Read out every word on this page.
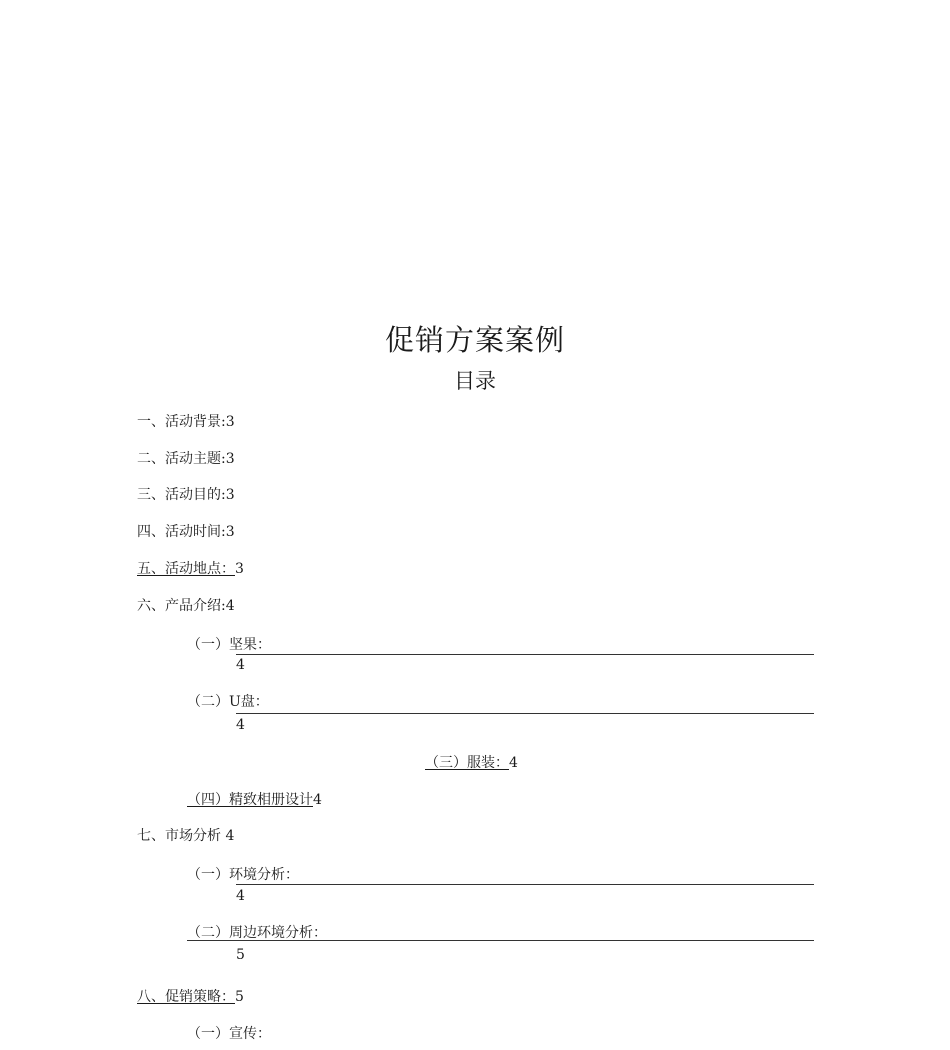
促销方案案例
目录
一、活动背景:3
二、活动主题:3
三、活动目的:3
四、活动时间:3
五、活动地点：3
六、产品介绍:4
（一）坚果：
4
（二）U盘：
4
（三）服装：4
（四）精致相册设计4
七、市场分析 4
（一）环境分析：
4
（二）周边环境分析：
5
八、促销策略：5
（一）宣传：
